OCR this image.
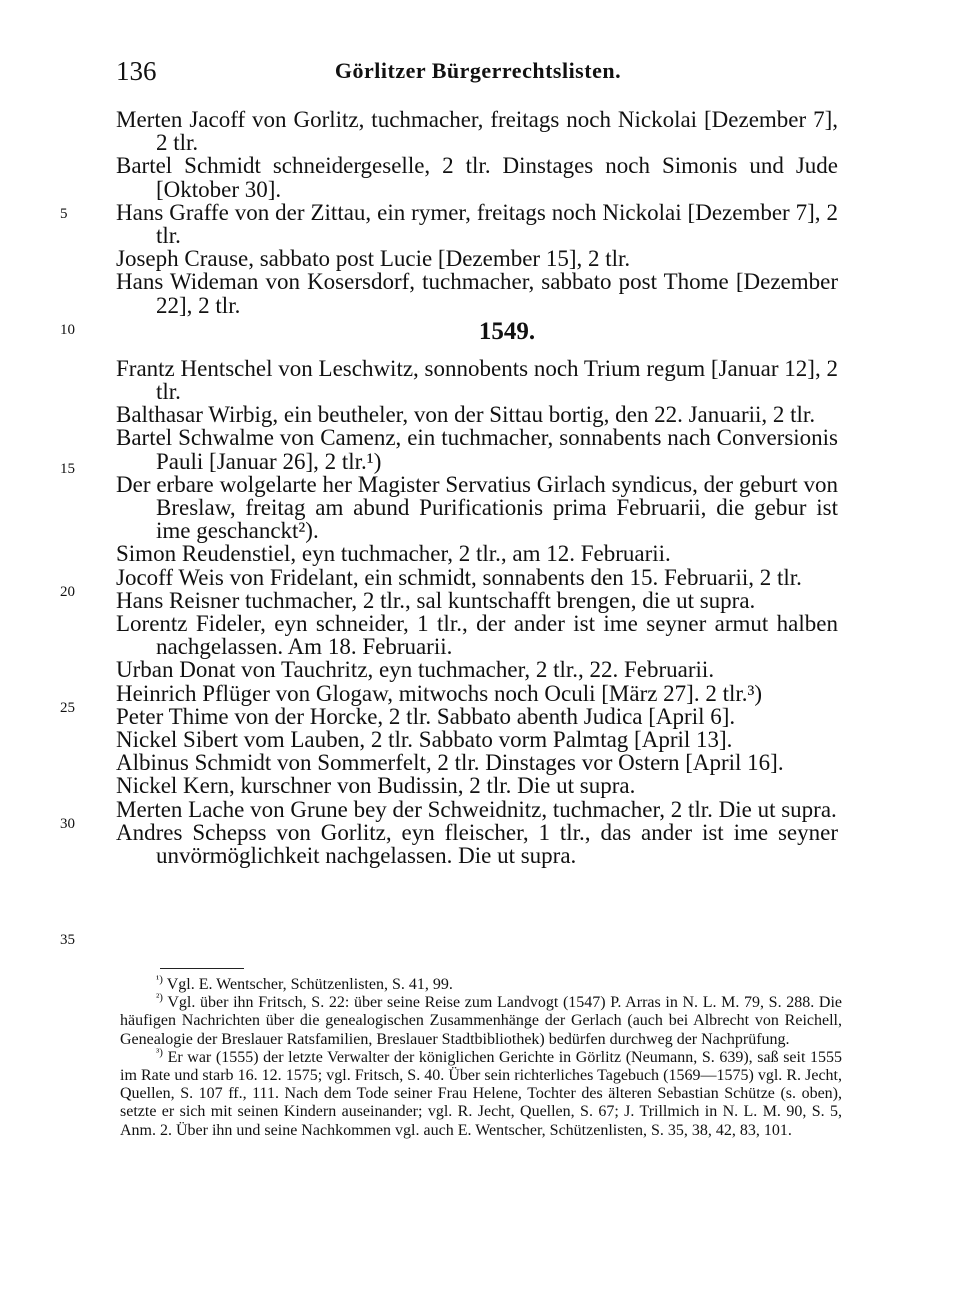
136	Görlitzer Bürgerrechtslisten.
5
10
15
20
25
30
35

Merten Jacoff von Gorlitz, tuchmacher, freitags noch Nickolai [Dezember 7], 2 tlr.

Bartel Schmidt schneidergeselle, 2 tlr. Dinstages noch Simonis und Jude [Oktober 30].

Hans Graffe von der Zittau, ein rymer, freitags noch Nickolai [Dezember 7], 2 tlr.

Joseph Crause, sabbato post Lucie [Dezember 15], 2 tlr.

Hans Wideman von Kosersdorf, tuchmacher, sabbato post Thome [Dezember 22], 2 tlr.

1549.

Frantz Hentschel von Leschwitz, sonnobents noch Trium regum [Januar 12], 2 tlr.

Balthasar Wirbig, ein beutheler, von der Sittau bortig, den 22. Januarii, 2 tlr.

Bartel Schwalme von Camenz, ein tuchmacher, sonnabents nach Conversionis Pauli [Januar 26], 2 tlr.¹)

Der erbare wolgelarte her Magister Servatius Girlach syndicus, der geburt von Breslaw, freitag am abund Purificationis prima Februarii, die gebur ist ime geschanckt²).

Simon Reudenstiel, eyn tuchmacher, 2 tlr., am 12. Februarii.

Jocoff Weis von Fridelant, ein schmidt, sonnabents den 15. Februarii, 2 tlr.

Hans Reisner tuchmacher, 2 tlr., sal kuntschafft brengen, die ut supra.

Lorentz Fideler, eyn schneider, 1 tlr., der ander ist ime seyner armut halben nachgelassen. Am 18. Februarii.

Urban Donat von Tauchritz, eyn tuchmacher, 2 tlr., 22. Februarii.

Heinrich Pflüger von Glogaw, mitwochs noch Oculi [März 27]. 2 tlr.³)

Peter Thime von der Horcke, 2 tlr. Sabbato abenth Judica [April 6].

Nickel Sibert vom Lauben, 2 tlr. Sabbato vorm Palmtag [April 13].

Albinus Schmidt von Sommerfelt, 2 tlr. Dinstages vor Ostern [April 16].

Nickel Kern, kurschner von Budissin, 2 tlr. Die ut supra.

Merten Lache von Grune bey der Schweidnitz, tuchmacher, 2 tlr. Die ut supra.

Andres Schepss von Gorlitz, eyn fleischer, 1 tlr., das ander ist ime seyner unvörmöglichkeit nachgelassen. Die ut supra.

$^{^1)}$ Vgl. E. Wentscher, Schützenlisten, S. 41, 99.

$^{^2)}$ Vgl. über ihn Fritsch, S. 22: über seine Reise zum Landvogt (1547) P. Arras in N. L. M. 79, S. 288. Die häufigen Nachrichten über die genealogischen Zusammenhänge der Gerlach (auch bei Albrecht von Reichell, Genealogie der Breslauer Ratsfamilien, Breslauer Stadtbibliothek) bedürfen durchweg der Nachprüfung.

$^{^3)}$ Er war (1555) der letzte Verwalter der königlichen Gerichte in Görlitz (Neumann, S. 639), saß seit 1555 im Rate und starb 16. 12. 1575; vgl. Fritsch, S. 40. Über sein richterliches Tagebuch (1569—1575) vgl. R. Jecht, Quellen, S. 107 ff., 111. Nach dem Tode seiner Frau Helene, Tochter des älteren Sebastian Schütze (s. oben), setzte er sich mit seinen Kindern auseinander; vgl. R. Jecht, Quellen, S. 67; J. Trillmich in N. L. M. 90, S. 5, Anm. 2. Über ihn und seine Nachkommen vgl. auch E. Wentscher, Schützenlisten, S. 35, 38, 42, 83, 101.
